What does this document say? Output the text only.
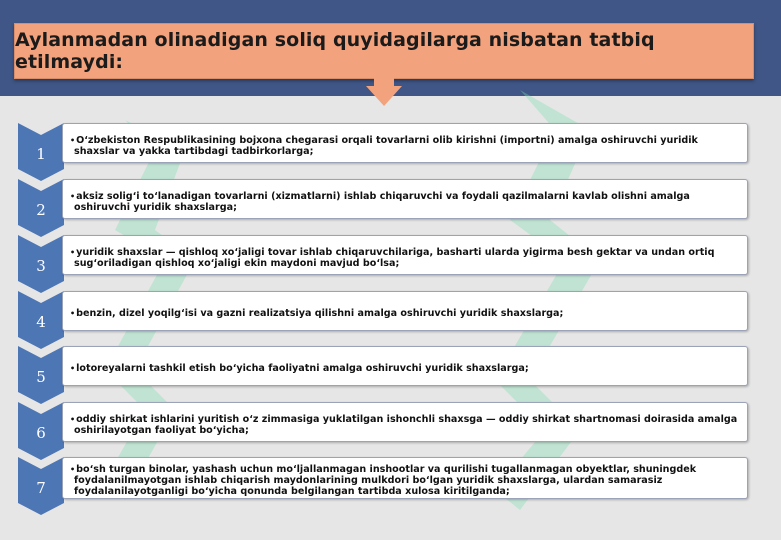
Aylanmadan olinadigan soliq quyidagilarga nisbatan tatbiq etilmaydi:
1
•O‘zbekiston Respublikasining bojxona chegarasi orqali tovarlarni olib kirishni (importni) amalga oshiruvchi yuridik shaxslar va yakka tartibdagi tadbirkorlarga;
2
•aksiz solig‘i to‘lanadigan tovarlarni (xizmatlarni) ishlab chiqaruvchi va foydali qazilmalarni kavlab olishni amalga oshiruvchi yuridik shaxslarga;
3
•yuridik shaxslar — qishloq xo‘jaligi tovar ishlab chiqaruvchilariga, basharti ularda yigirma besh gektar va undan ortiq sug‘oriladigan qishloq xo‘jaligi ekin maydoni mavjud bo‘lsa;
4	•benzin, dizel yoqilg‘isi va gazni realizatsiya qilishni amalga oshiruvchi yuridik shaxslarga;
5	•lotoreyalarni tashkil etish bo‘yicha faoliyatni amalga oshiruvchi yuridik shaxslarga;
6
•oddiy shirkat ishlarini yuritish o‘z zimmasiga yuklatilgan ishonchli shaxsga — oddiy shirkat shartnomasi doirasida amalga oshirilayotgan faoliyat bo‘yicha;
7
•bo‘sh turgan binolar, yashash uchun mo‘ljallanmagan inshootlar va qurilishi tugallanmagan obyektlar, shuningdek foydalanilmayotgan ishlab chiqarish maydonlarining mulkdori bo‘lgan yuridik shaxslarga, ulardan samarasiz foydalanilayotganligi bo‘yicha qonunda belgilangan tartibda xulosa kiritilganda;
